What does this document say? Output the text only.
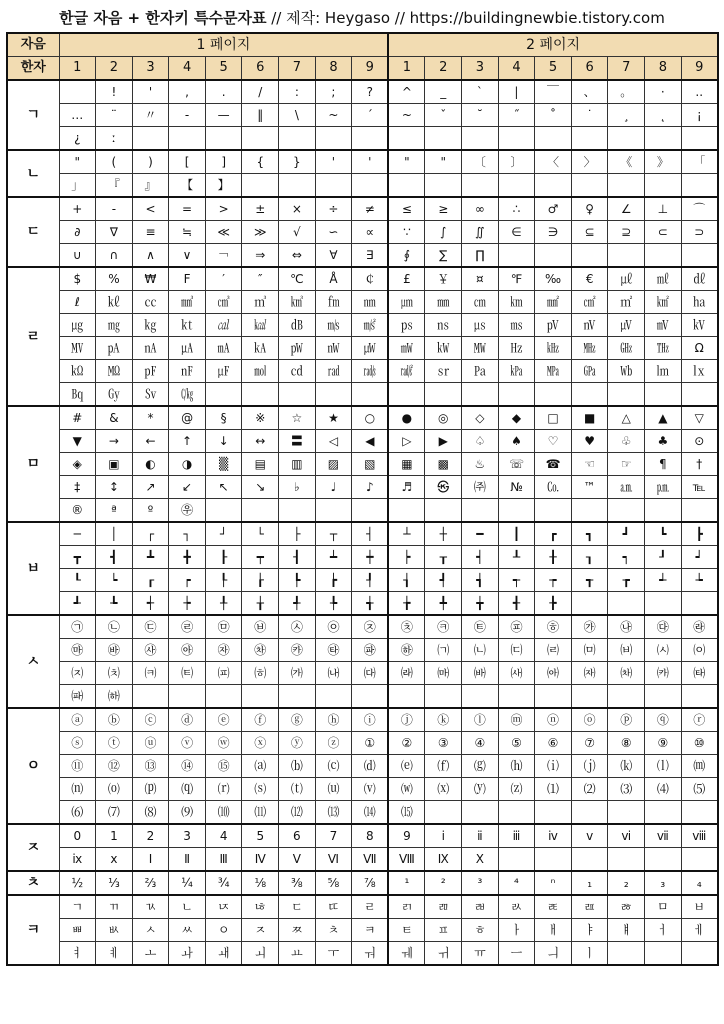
한글 자음 + 한자키 특수문자표 // 제작: Heygaso // https://buildingnewbie.tistory.com
자음	1 페이지									2 페이지								
한자	1	2	3	4	5	6	7	8	9	1	2	3	4	5	6	7	8	9
ㄱ		!	'	,	.	/	:	;	?	^	_	`	|	￣	、	。	·	..
	…	¨	〃	-	—	‖	\	~	´	~	ˇ	˘	˝	˚	˙	¸	˛	¡
	¿	ː																
ㄴ	"	(	)	[	]	{	}	'	'	"	"	〔	〕	〈	〉	《	》	「
	」	『	』	【	】													
ㄷ	+	-	<	=	>	±	×	÷	≠	≤	≥	∞	∴	♂	♀	∠	⊥	⌒
	∂	∇	≡	≒	≪	≫	√	∽	∝	∵	∫	∬	∈	∋	⊆	⊇	⊂	⊃
	∪	∩	∧	∨	￢	⇒	⇔	∀	∃	∮	∑	∏						
ㄹ	$	%	₩	F	′	″	℃	Å	￠	£	￥	¤	℉	‰	€	㎕	㎖	㎗
	ℓ	㎘	㏄	㎣	㎤	㎥	㎦	㎙	㎚	㎛	㎜	㎝	㎞	㎟	㎠	㎡	㎢	㏊
	㎍	㎎	㎏	㏏	㎈	㎉	㏈	㎧	㎨	㎰	㎱	㎲	㎳	㎴	㎵	㎶	㎷	㎸
	㎹	㎀	㎁	㎂	㎃	㎄	㎺	㎻	㎼	㎽	㎾	㎿	㎐	㎑	㎒	㎓	㎔	Ω
	㏀	㏁	㎊	㎋	㎌	㏖	㏅	㎭	㎮	㎯	㏛	㎩	㎪	㎫	㎬	㏝	㏐	㏓
	㏃	㏉	㏜	㏆														
ㅁ	#	&	*	@	§	※	☆	★	○	●	◎	◇	◆	□	■	△	▲	▽
	▼	→	←	↑	↓	↔	〓	◁	◀	▷	▶	♤	♠	♡	♥	♧	♣	⊙
	◈	▣	◐	◑	▒	▤	▥	▨	▧	▦	▩	♨	☏	☎	☜	☞	¶	†
	‡	↕	↗	↙	↖	↘	♭	♩	♪	♬	㉿	㈜	№	㏇	™	㏂	㏘	℡
	®	ª	º	㉾														
ㅂ	─	│	┌	┐	┘	└	├	┬	┤	┴	┼	━	┃	┏	┓	┛	┗	┣
	┳	┫	┻	╋	┠	┯	┨	┷	┿	┝	┰	┥	┸	╂	┒	┑	┚	┙
	┖	┕	┎	┍	┞	┟	┡	┢	┦	┧	┩	┪	┭	┮	┱	┲	┵	┶
	┹	┺	┽	┾	╀	╁	╃	╄	╅	╆	╇	╈	╉	╊				
ㅅ	㉠	㉡	㉢	㉣	㉤	㉥	㉦	㉧	㉨	㉩	㉪	㉫	㉬	㉭	㉮	㉯	㉰	㉱
	㉲	㉳	㉴	㉵	㉶	㉷	㉸	㉹	㉺	㉻	㈀	㈁	㈂	㈃	㈄	㈅	㈆	㈇
	㈈	㈉	㈊	㈋	㈌	㈍	㈎	㈏	㈐	㈑	㈒	㈓	㈔	㈕	㈖	㈗	㈘	㈙
	㈚	㈛																
ㅇ	ⓐ	ⓑ	ⓒ	ⓓ	ⓔ	ⓕ	ⓖ	ⓗ	ⓘ	ⓙ	ⓚ	ⓛ	ⓜ	ⓝ	ⓞ	ⓟ	ⓠ	ⓡ
	ⓢ	ⓣ	ⓤ	ⓥ	ⓦ	ⓧ	ⓨ	ⓩ	①	②	③	④	⑤	⑥	⑦	⑧	⑨	⑩
	⑪	⑫	⑬	⑭	⑮	⒜	⒝	⒞	⒟	⒠	⒡	⒢	⒣	⒤	⒥	⒦	⒧	⒨
	⒩	⒪	⒫	⒬	⒭	⒮	⒯	⒰	⒱	⒲	⒳	⒴	⒵	⑴	⑵	⑶	⑷	⑸
	⑹	⑺	⑻	⑼	⑽	⑾	⑿	⒀	⒁	⒂								
ㅈ	0	1	2	3	4	5	6	7	8	9	ⅰ	ⅱ	ⅲ	ⅳ	ⅴ	ⅵ	ⅶ	ⅷ
	ⅸ	ⅹ	Ⅰ	Ⅱ	Ⅲ	Ⅳ	Ⅴ	Ⅵ	Ⅶ	Ⅷ	Ⅸ	Ⅹ						
ㅊ	½	⅓	⅔	¼	¾	⅛	⅜	⅝	⅞	¹	²	³	⁴	ⁿ	₁	₂	₃	₄
ㅋ	ㄱ	ㄲ	ㄳ	ㄴ	ㄵ	ㄶ	ㄷ	ㄸ	ㄹ	ㄺ	ㄻ	ㄼ	ㄽ	ㄾ	ㄿ	ㅀ	ㅁ	ㅂ
	ㅃ	ㅄ	ㅅ	ㅆ	ㅇ	ㅈ	ㅉ	ㅊ	ㅋ	ㅌ	ㅍ	ㅎ	ㅏ	ㅐ	ㅑ	ㅒ	ㅓ	ㅔ
	ㅕ	ㅖ	ㅗ	ㅘ	ㅙ	ㅚ	ㅛ	ㅜ	ㅝ	ㅞ	ㅟ	ㅠ	ㅡ	ㅢ	ㅣ			
